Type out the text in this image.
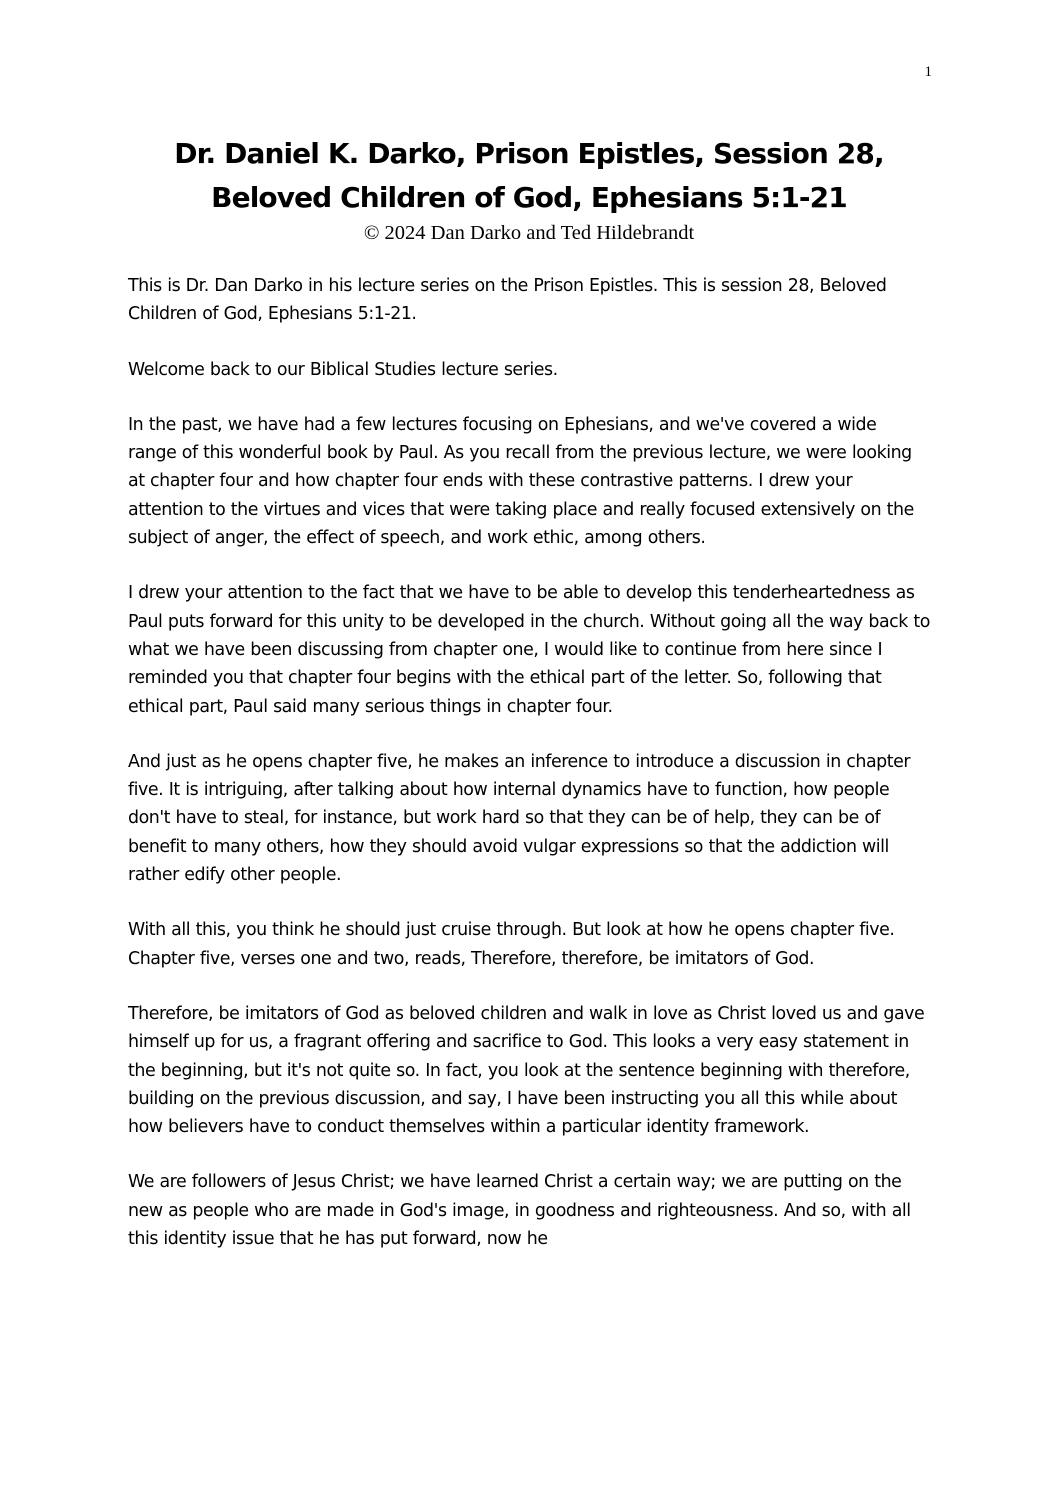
1
Dr. Daniel K. Darko, Prison Epistles, Session 28,
Beloved Children of God, Ephesians 5:1-21

© 2024 Dan Darko and Ted Hildebrandt

This is Dr. Dan Darko in his lecture series on the Prison Epistles. This is session 28, Beloved Children of God, Ephesians 5:1-21.

Welcome back to our Biblical Studies lecture series.

In the past, we have had a few lectures focusing on Ephesians, and we've covered a wide range of this wonderful book by Paul. As you recall from the previous lecture, we were looking at chapter four and how chapter four ends with these contrastive patterns. I drew your attention to the virtues and vices that were taking place and really focused extensively on the subject of anger, the effect of speech, and work ethic, among others.

I drew your attention to the fact that we have to be able to develop this tenderheartedness as Paul puts forward for this unity to be developed in the church. Without going all the way back to what we have been discussing from chapter one, I would like to continue from here since I reminded you that chapter four begins with the ethical part of the letter. So, following that ethical part, Paul said many serious things in chapter four.

And just as he opens chapter five, he makes an inference to introduce a discussion in chapter five. It is intriguing, after talking about how internal dynamics have to function, how people don't have to steal, for instance, but work hard so that they can be of help, they can be of benefit to many others, how they should avoid vulgar expressions so that the addiction will rather edify other people.

With all this, you think he should just cruise through. But look at how he opens chapter five. Chapter five, verses one and two, reads, Therefore, therefore, be imitators of God.

Therefore, be imitators of God as beloved children and walk in love as Christ loved us and gave himself up for us, a fragrant offering and sacrifice to God. This looks a very easy statement in the beginning, but it's not quite so. In fact, you look at the sentence beginning with therefore, building on the previous discussion, and say, I have been instructing you all this while about how believers have to conduct themselves within a particular identity framework.

We are followers of Jesus Christ; we have learned Christ a certain way; we are putting on the new as people who are made in God's image, in goodness and righteousness. And so, with all this identity issue that he has put forward, now he
